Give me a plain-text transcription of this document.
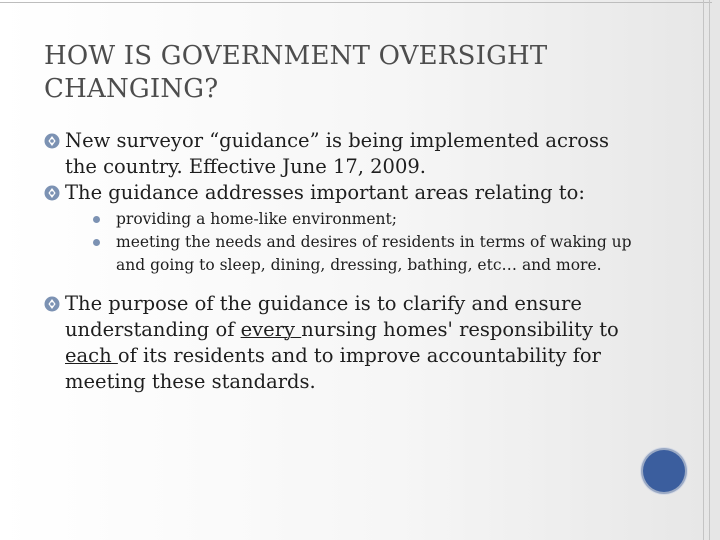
HOW IS GOVERNMENT OVERSIGHT
CHANGING?
New surveyor “guidance” is being implemented across the country. Effective June 17, 2009.
The guidance addresses important areas relating to:
providing a home-like environment;
meeting the needs and desires of residents in terms of waking up and going to sleep, dining, dressing, bathing, etc… and more.
The purpose of the guidance is to clarify and ensure understanding of every nursing homes' responsibility to each of its residents and to improve accountability for meeting these standards.
